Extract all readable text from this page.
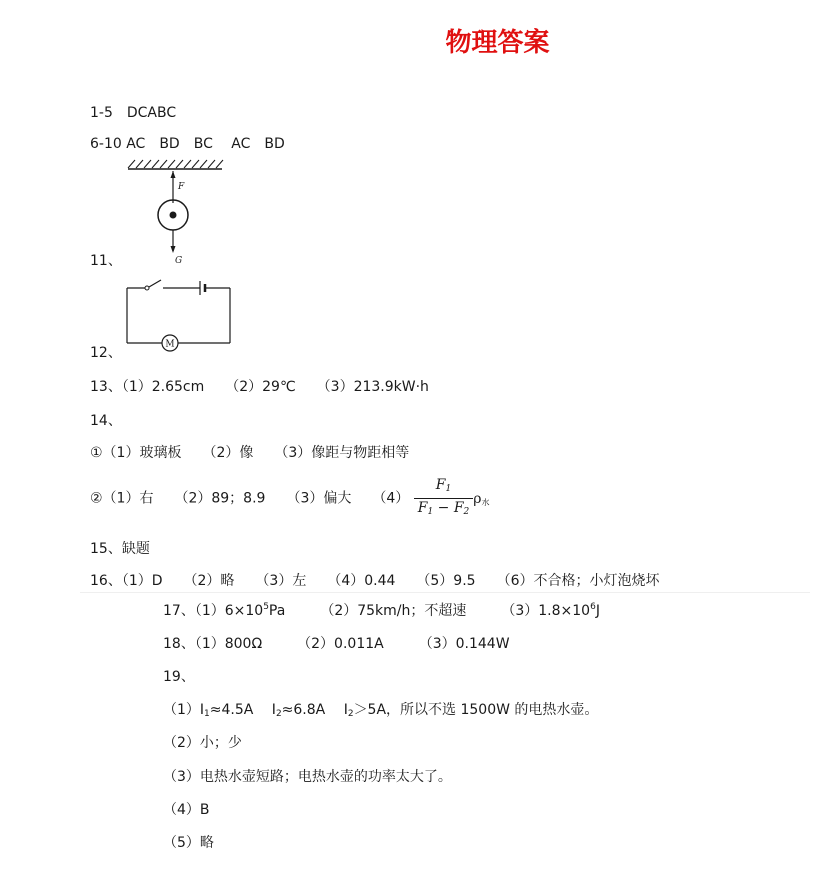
物理答案
1-5　DCABC
6-10 AC　BD　BC　 AC　BD
F
G
11、
M
12、
13、（1）2.65cm　　（2）29℃　　（3）213.9kW·h
14、
①（1）玻璃板　　（2）像　　（3）像距与物距相等
②（1）右　　（2）89；8.9　　（3）偏大　　$(4) \frac{F_1}{F_1 - F_2} \rho_水$
15、缺题
16、（1）D　　（2）略　　（3）左　　（4）0.44　　（5）9.5　　（6）不合格；小灯泡烧坏
17、$(1)6\times 10^5Pa$　　　（2）75km/h；不超速　　　$(3)1.8\times 10^6J$
18、（1）800Ω　　　（2）0.011A　　　（3）0.144W
19、
$(1)I_1\approx 4.5A$　 $I_2\approx 6.8A$　 $I_2>5A$，所以不选 1500W 的电热水壶。
（2）小；少
（3）电热水壶短路；电热水壶的功率太大了。
（4）B
（5）略
